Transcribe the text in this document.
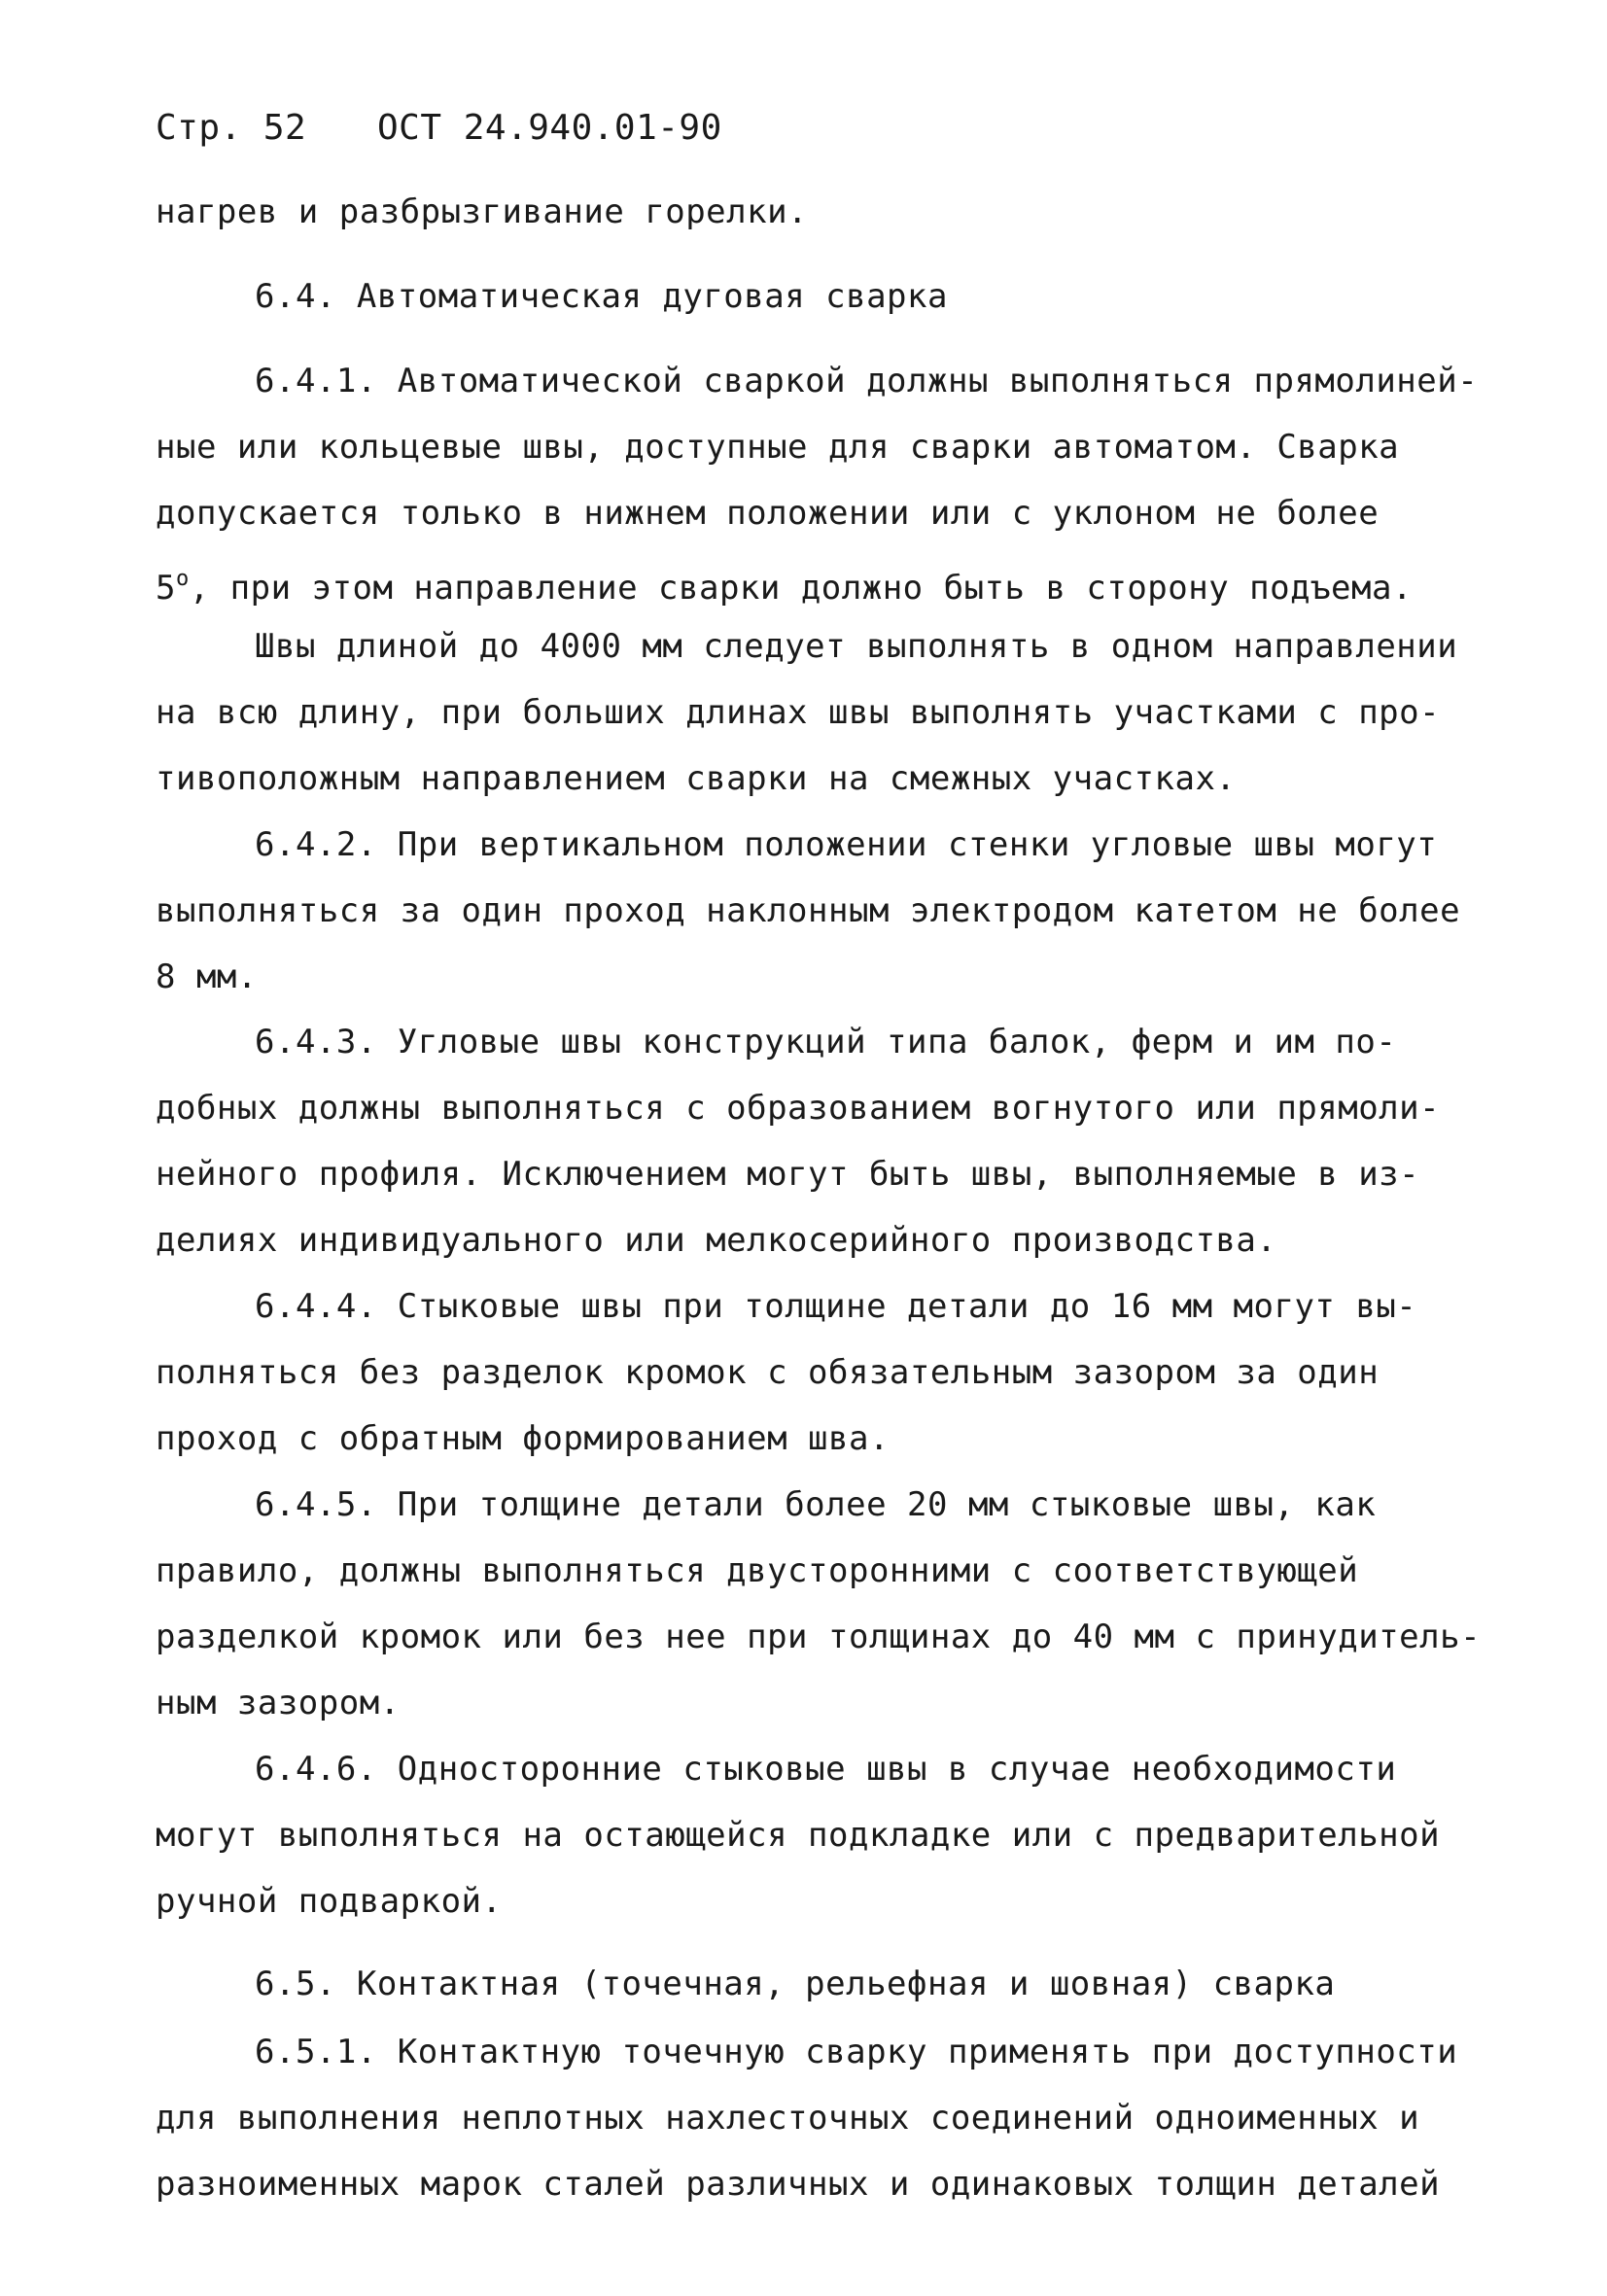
Стр. 52 ОСТ 24.940.01-90
нагрев и разбрызгивание горелки.
6.4. Автоматическая дуговая сварка
6.4.1. Автоматической сваркой должны выполняться прямолиней-
ные или кольцевые швы, доступные для сварки автоматом. Сварка
допускается только в нижнем положении или с уклоном не более
$5^о$, при этом направление сварки должно быть в сторону подъема.
Швы длиной до 4000 мм следует выполнять в одном направлении
на всю длину, при больших длинах швы выполнять участками с про-
тивоположным направлением сварки на смежных участках.
6.4.2. При вертикальном положении стенки угловые швы могут
выполняться за один проход наклонным электродом катетом не более
8 мм.
6.4.3. Угловые швы конструкций типа балок, ферм и им по-
добных должны выполняться с образованием вогнутого или прямоли-
нейного профиля. Исключением могут быть швы, выполняемые в из-
делиях индивидуального или мелкосерийного производства.
6.4.4. Стыковые швы при толщине детали до 16 мм могут вы-
полняться без разделок кромок с обязательным зазором за один
проход с обратным формированием шва.
6.4.5. При толщине детали более 20 мм стыковые швы, как
правило, должны выполняться двусторонними с соответствующей
разделкой кромок или без нее при толщинах до 40 мм с принудитель-
ным зазором.
6.4.6. Односторонние стыковые швы в случае необходимости
могут выполняться на остающейся подкладке или с предварительной
ручной подваркой.
6.5. Контактная (точечная, рельефная и шовная) сварка
6.5.1. Контактную точечную сварку применять при доступности
для выполнения неплотных нахлесточных соединений одноименных и
разноименных марок сталей различных и одинаковых толщин деталей
